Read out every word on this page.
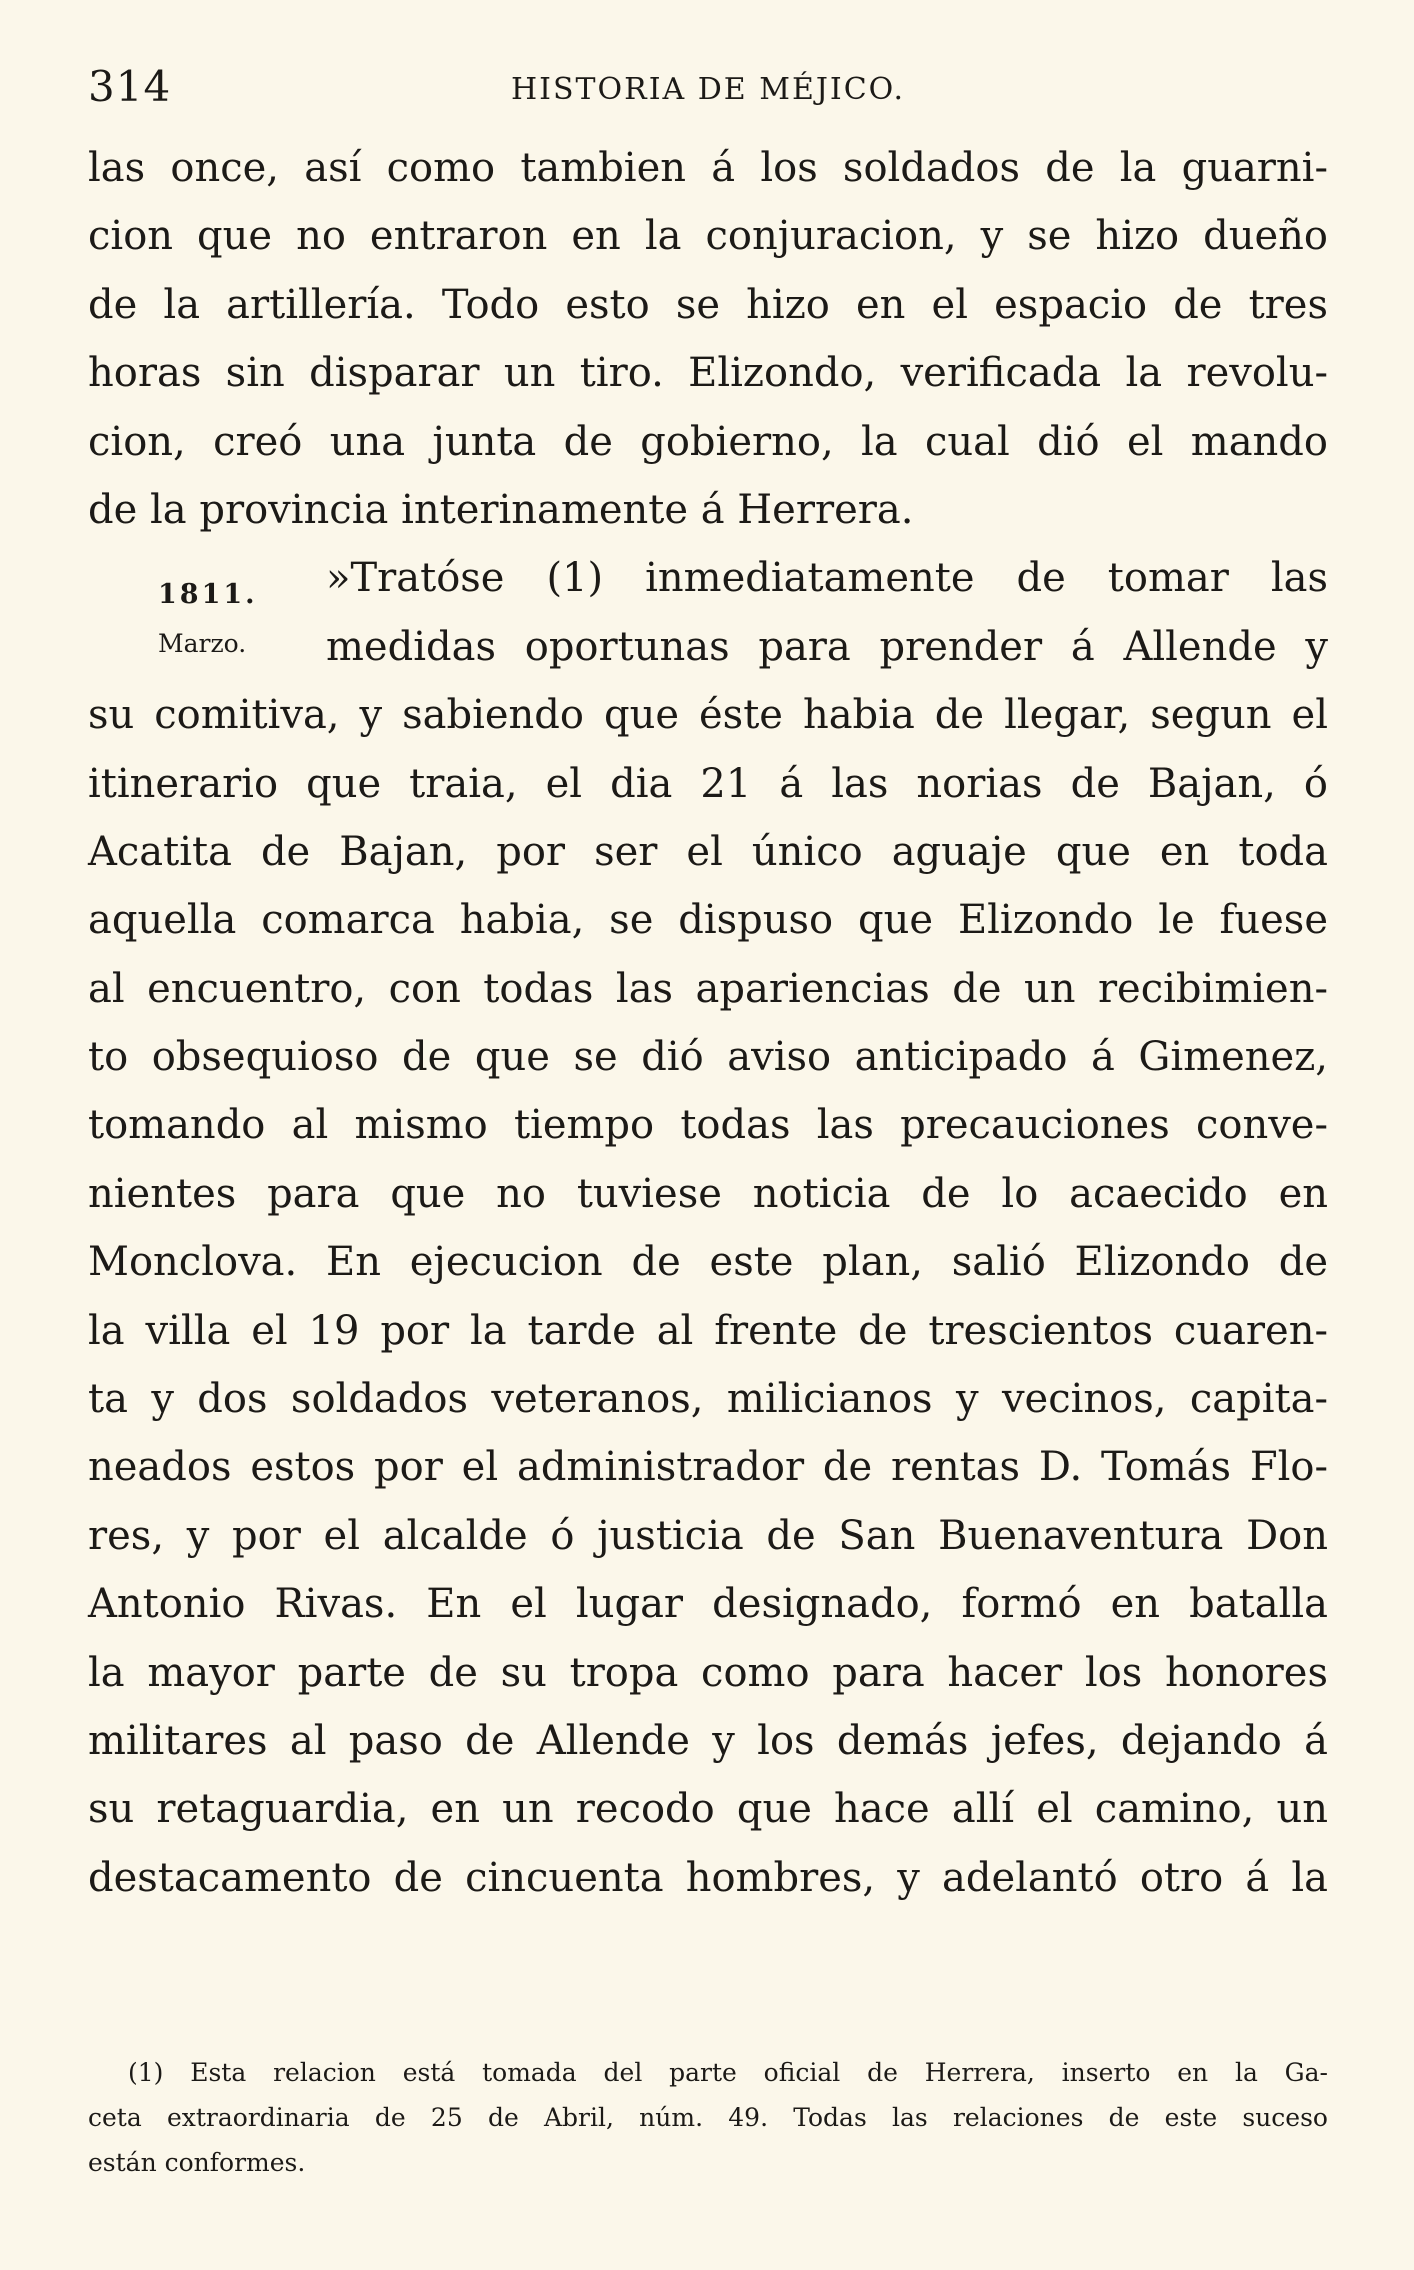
314	HISTORIA DE MÉJICO.
las once, así como tambien á los soldados de la guarni-
cion que no entraron en la conjuracion, y se hizo dueño
de la artillería. Todo esto se hizo en el espacio de tres
horas sin disparar un tiro. Elizondo, verificada la revolu-
cion, creó una junta de gobierno, la cual dió el mando
de la provincia interinamente á Herrera.
1811.	»Tratóse (1) inmediatamente de tomar las
Marzo.	medidas oportunas para prender á Allende y
su comitiva, y sabiendo que éste habia de llegar, segun el
itinerario que traia, el dia 21 á las norias de Bajan, ó
Acatita de Bajan, por ser el único aguaje que en toda
aquella comarca habia, se dispuso que Elizondo le fuese
al encuentro, con todas las apariencias de un recibimien-
to obsequioso de que se dió aviso anticipado á Gimenez,
tomando al mismo tiempo todas las precauciones conve-
nientes para que no tuviese noticia de lo acaecido en
Monclova. En ejecucion de este plan, salió Elizondo de
la villa el 19 por la tarde al frente de trescientos cuaren-
ta y dos soldados veteranos, milicianos y vecinos, capita-
neados estos por el administrador de rentas D. Tomás Flo-
res, y por el alcalde ó justicia de San Buenaventura Don
Antonio Rivas. En el lugar designado, formó en batalla
la mayor parte de su tropa como para hacer los honores
militares al paso de Allende y los demás jefes, dejando á
su retaguardia, en un recodo que hace allí el camino, un
destacamento de cincuenta hombres, y adelantó otro á la
(1) Esta relacion está tomada del parte oficial de Herrera, inserto en la Ga-
ceta extraordinaria de 25 de Abril, núm. 49. Todas las relaciones de este suceso
están conformes.
